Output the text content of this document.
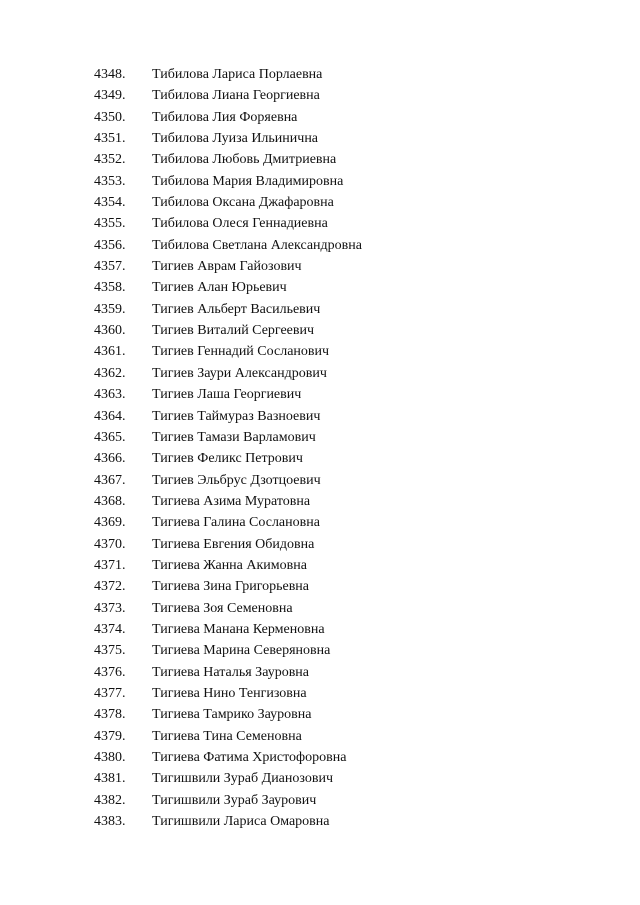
4348.	Тибилова Лариса Порлаевна
4349.	Тибилова Лиана Георгиевна
4350.	Тибилова Лия Форяевна
4351.	Тибилова Луиза Ильинична
4352.	Тибилова Любовь Дмитриевна
4353.	Тибилова Мария Владимировна
4354.	Тибилова Оксана Джафаровна
4355.	Тибилова Олеся Геннадиевна
4356.	Тибилова Светлана Александровна
4357.	Тигиев Аврам Гайозович
4358.	Тигиев Алан Юрьевич
4359.	Тигиев Альберт Васильевич
4360.	Тигиев Виталий Сергеевич
4361.	Тигиев Геннадий Сосланович
4362.	Тигиев Заури Александрович
4363.	Тигиев Лаша Георгиевич
4364.	Тигиев Таймураз Вазноевич
4365.	Тигиев Тамази Варламович
4366.	Тигиев Феликс Петрович
4367.	Тигиев Эльбрус Дзотцоевич
4368.	Тигиева Азима Муратовна
4369.	Тигиева Галина Сослановна
4370.	Тигиева Евгения Обидовна
4371.	Тигиева Жанна Акимовна
4372.	Тигиева Зина Григорьевна
4373.	Тигиева Зоя Семеновна
4374.	Тигиева Манана Керменовна
4375.	Тигиева Марина Северяновна
4376.	Тигиева Наталья Зауровна
4377.	Тигиева Нино Тенгизовна
4378.	Тигиева Тамрико Зауровна
4379.	Тигиева Тина Семеновна
4380.	Тигиева Фатима Христофоровна
4381.	Тигишвили Зураб Дианозович
4382.	Тигишвили Зураб Заурович
4383.	Тигишвили Лариса Омаровна
